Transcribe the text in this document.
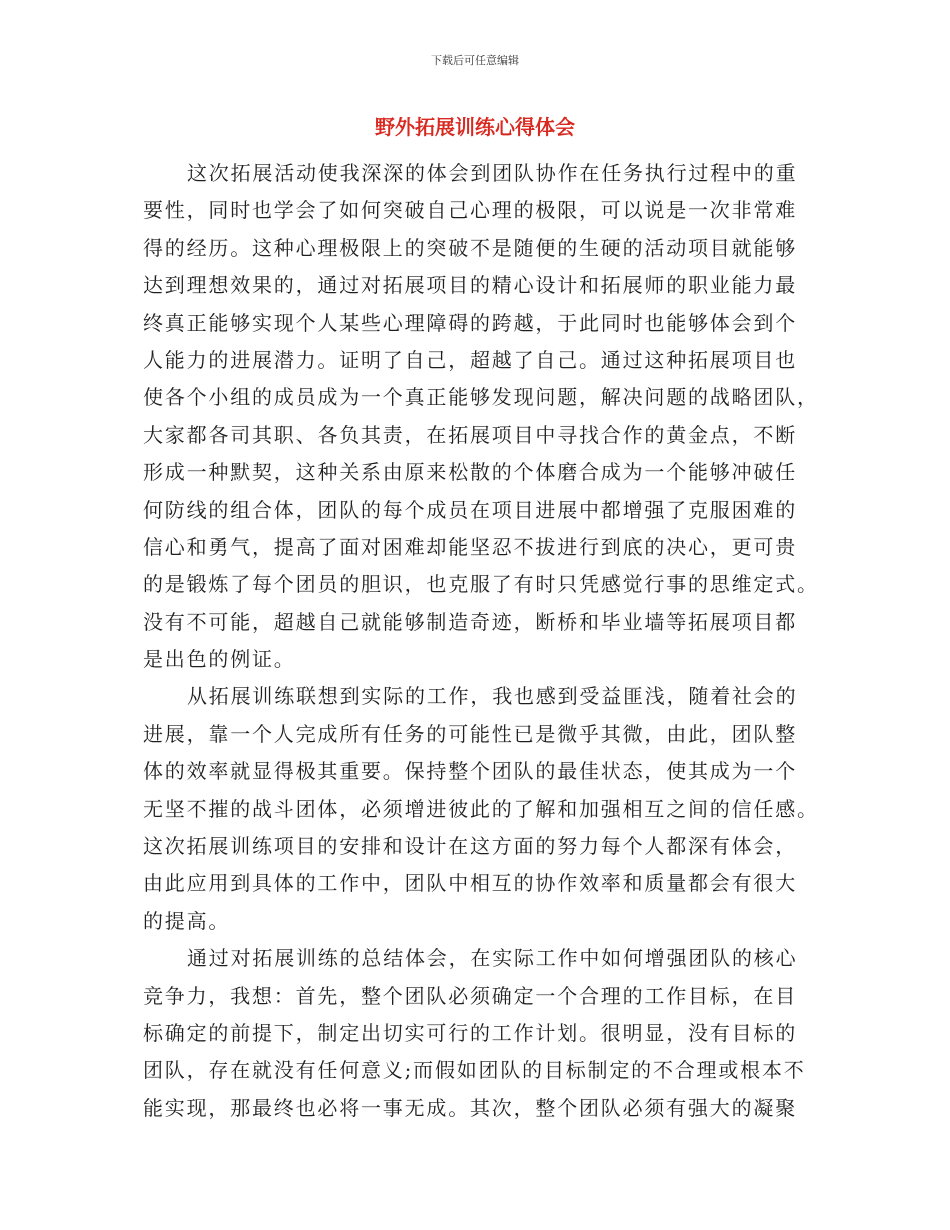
下载后可任意编辑
野外拓展训练心得体会
这次拓展活动使我深深的体会到团队协作在任务执行过程中的重
要性，同时也学会了如何突破自己心理的极限，可以说是一次非常难
得的经历。这种心理极限上的突破不是随便的生硬的活动项目就能够
达到理想效果的，通过对拓展项目的精心设计和拓展师的职业能力最
终真正能够实现个人某些心理障碍的跨越，于此同时也能够体会到个
人能力的进展潜力。证明了自己，超越了自己。通过这种拓展项目也
使各个小组的成员成为一个真正能够发现问题，解决问题的战略团队，
大家都各司其职、各负其责，在拓展项目中寻找合作的黄金点，不断
形成一种默契，这种关系由原来松散的个体磨合成为一个能够冲破任
何防线的组合体，团队的每个成员在项目进展中都增强了克服困难的
信心和勇气，提高了面对困难却能坚忍不拔进行到底的决心，更可贵
的是锻炼了每个团员的胆识，也克服了有时只凭感觉行事的思维定式。
没有不可能，超越自己就能够制造奇迹，断桥和毕业墙等拓展项目都
是出色的例证。
从拓展训练联想到实际的工作，我也感到受益匪浅，随着社会的
进展，靠一个人完成所有任务的可能性已是微乎其微，由此，团队整
体的效率就显得极其重要。保持整个团队的最佳状态，使其成为一个
无坚不摧的战斗团体，必须增进彼此的了解和加强相互之间的信任感。
这次拓展训练项目的安排和设计在这方面的努力每个人都深有体会，
由此应用到具体的工作中，团队中相互的协作效率和质量都会有很大
的提高。
通过对拓展训练的总结体会，在实际工作中如何增强团队的核心
竞争力，我想：首先，整个团队必须确定一个合理的工作目标，在目
标确定的前提下，制定出切实可行的工作计划。很明显，没有目标的
团队，存在就没有任何意义;而假如团队的目标制定的不合理或根本不
能实现，那最终也必将一事无成。其次，整个团队必须有强大的凝聚
